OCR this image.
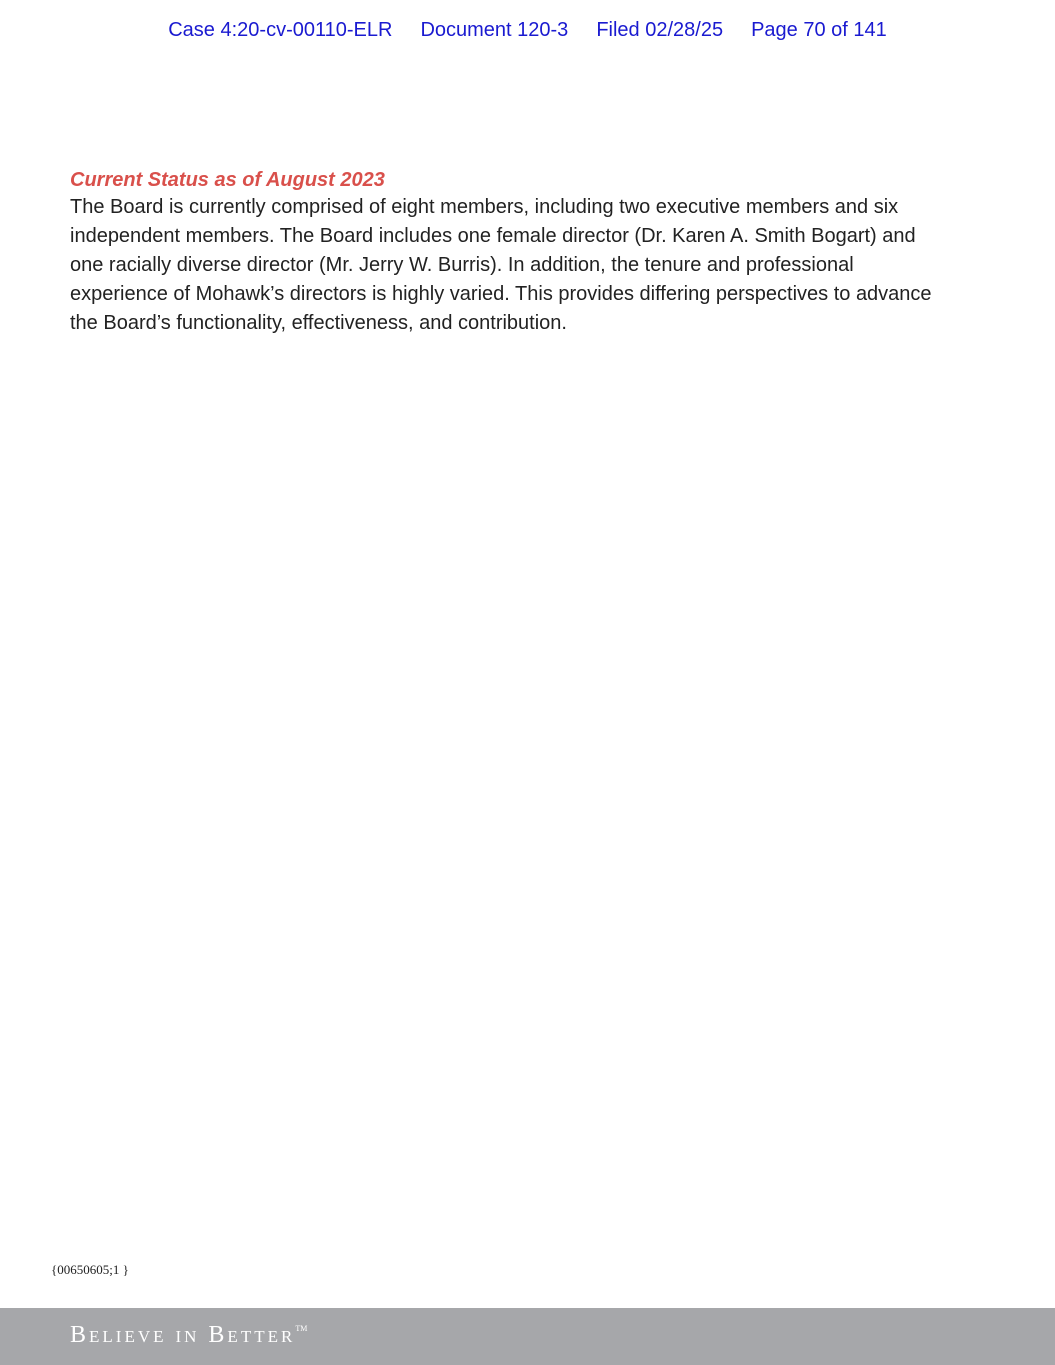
Case 4:20-cv-00110-ELR Document 120-3 Filed 02/28/25 Page 70 of 141
Current Status as of August 2023
The Board is currently comprised of eight members, including two executive members and six
independent members. The Board includes one female director (Dr. Karen A. Smith Bogart) and
one racially diverse director (Mr. Jerry W. Burris). In addition, the tenure and professional
experience of Mohawk’s directors is highly varied. This provides differing perspectives to advance
the Board’s functionality, effectiveness, and contribution.
{00650605;1 }
Believe in Better™
